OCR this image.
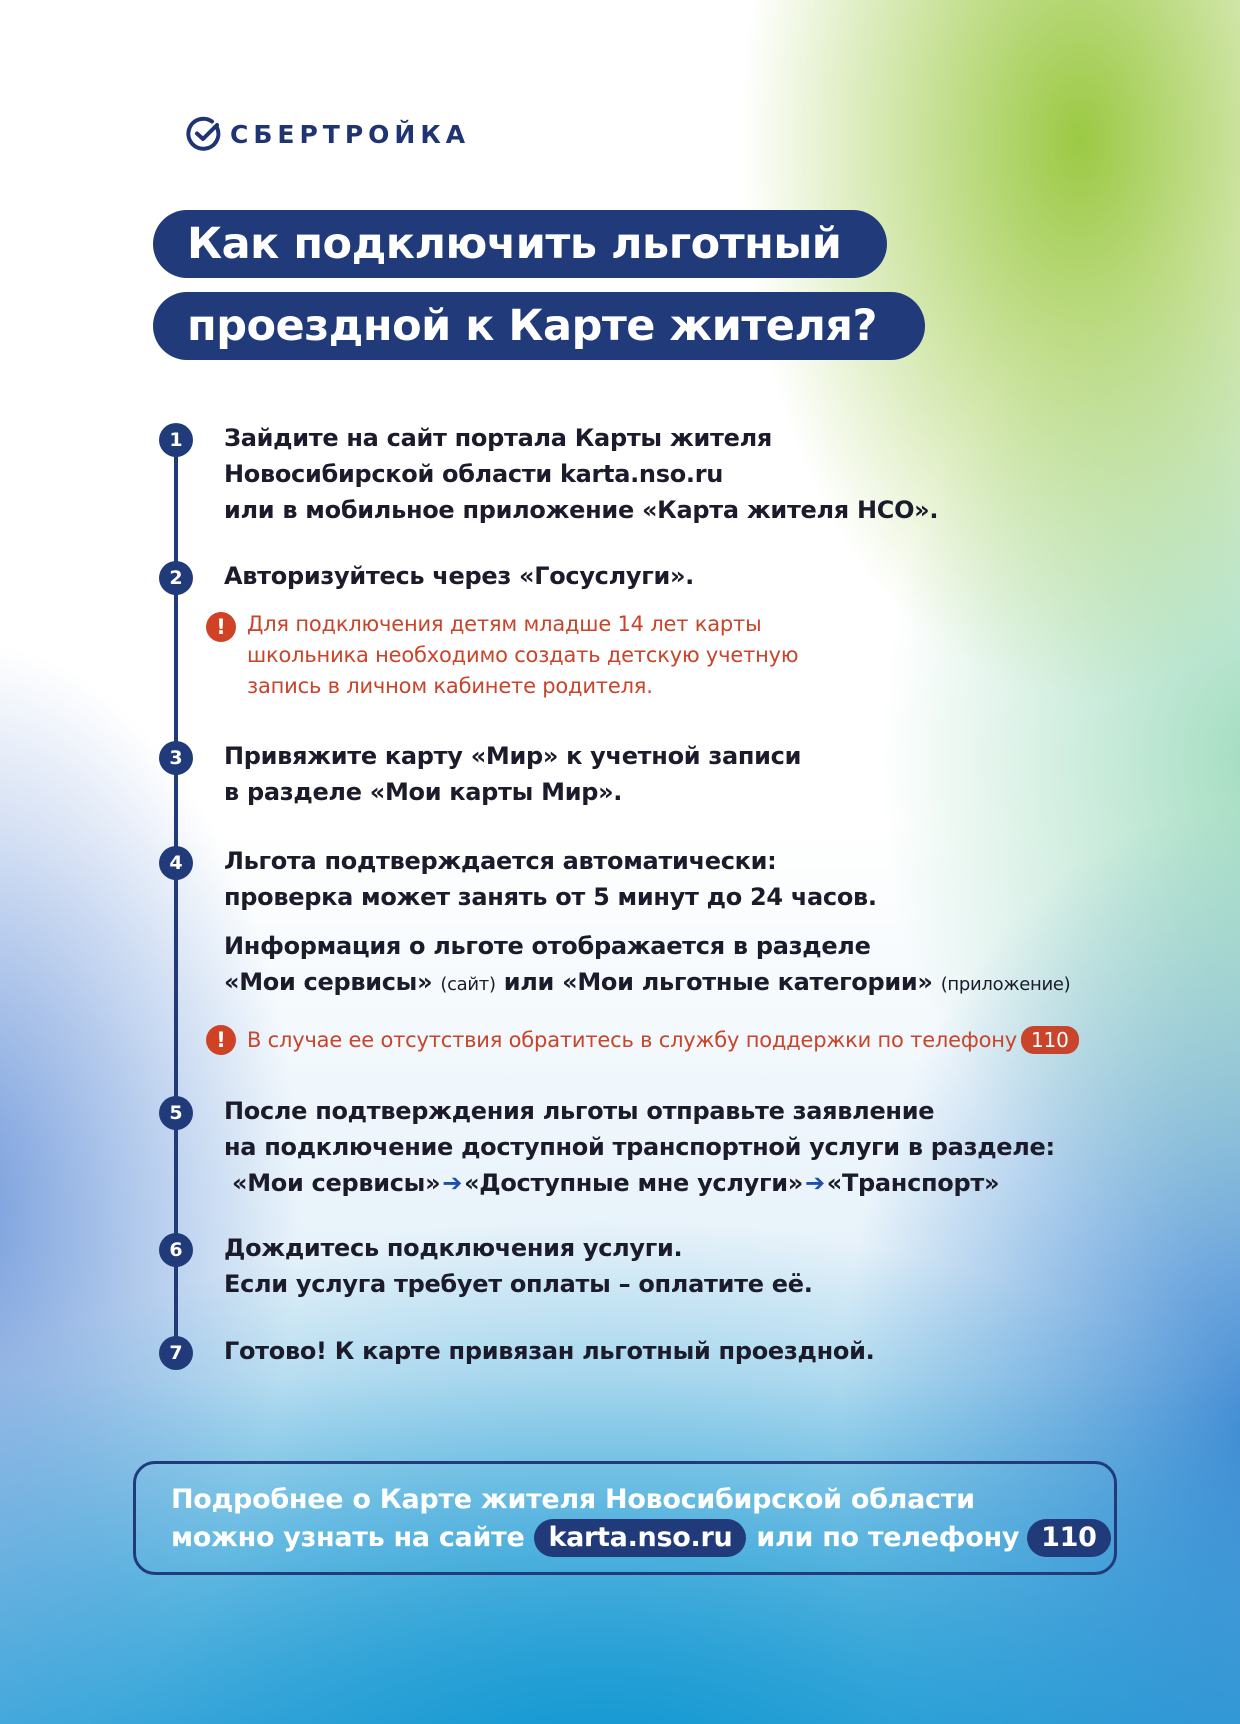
СБЕРТРОЙКА
Как подключить льготный
проездной к Карте жителя?
1	Зайдите на сайт портала Карты жителя
Новосибирской области karta.nso.ru
или в мобильное приложение «Карта жителя НСО».
2	Авторизуйтесь через «Госуслуги».
!	Для подключения детям младше 14 лет карты
школьника необходимо создать детскую учетную
запись в личном кабинете родителя.
3	Привяжите карту «Мир» к учетной записи
в разделе «Мои карты Мир».
4	Льгота подтверждается автоматически:
проверка может занять от 5 минут до 24 часов.
Информация о льготе отображается в разделе
«Мои сервисы» (сайт) или «Мои льготные категории» (приложение)
!	В случае ее отсутствия обратитесь в службу поддержки по телефону 110
5	После подтверждения льготы отправьте заявление
на подключение доступной транспортной услуги в разделе:
«Мои сервисы»➔«Доступные мне услуги»➔«Транспорт»
6	Дождитесь подключения услуги.
Если услуга требует оплаты – оплатите её.
7	Готово! К карте привязан льготный проездной.
Подробнее о Карте жителя Новосибирской области
можно узнать на сайте karta.nso.ru или по телефону 110
